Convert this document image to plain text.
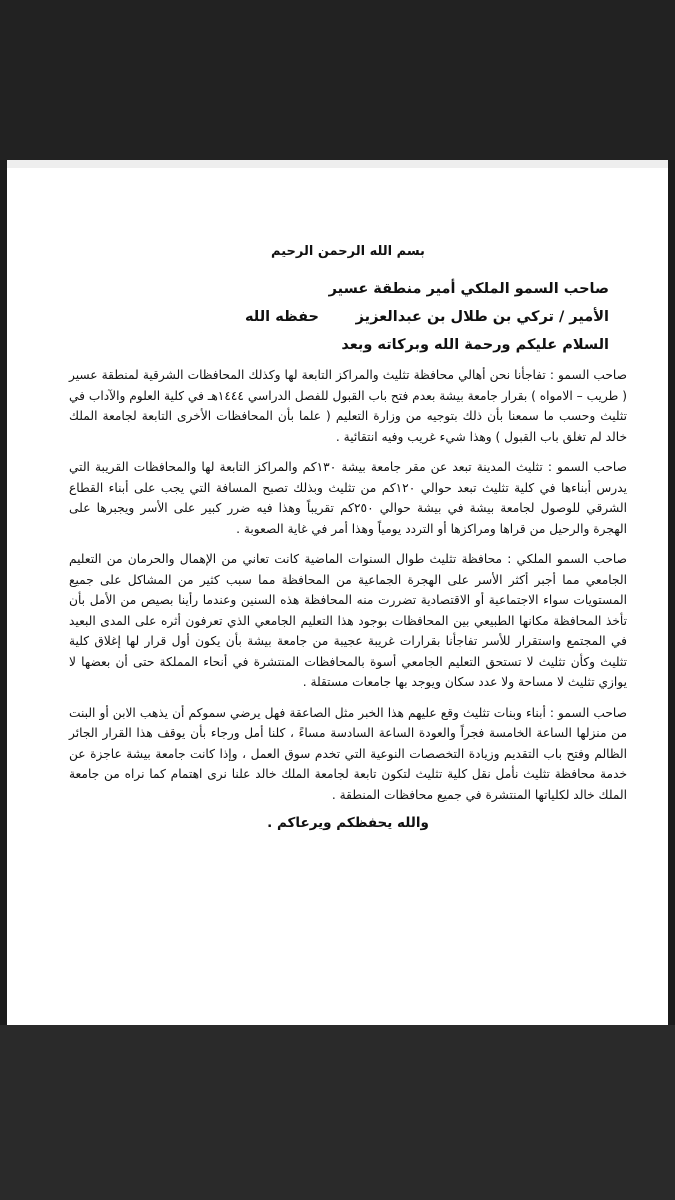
بسم الله الرحمن الرحيم
صاحب السمو الملكي أمير منطقة عسير
الأمير / تركي بن طلال بن عبدالعزيز
حفظه الله
السلام عليكم ورحمة الله وبركاته وبعد

صاحب السمو : تفاجأنا نحن أهالي محافظة تثليث والمراكز التابعة لها وكذلك المحافظات الشرقية لمنطقة عسير ( طريب – الامواه ) بقرار جامعة بيشة بعدم فتح باب القبول للفصل الدراسي ١٤٤٤هـ في كلية العلوم والآداب في تثليث وحسب ما سمعنا بأن ذلك بتوجيه من وزارة التعليم ( علما بأن المحافظات الأخرى التابعة لجامعة الملك خالد لم تغلق باب القبول ) وهذا شيء غريب وفيه انتقائية .

صاحب السمو : تثليث المدينة تبعد عن مقر جامعة بيشة ١٣٠كم والمراكز التابعة لها والمحافظات القريبة التي يدرس أبناءها في كلية تثليث تبعد حوالي ١٢٠كم من تثليث وبذلك تصبح المسافة التي يجب على أبناء القطاع الشرقي للوصول لجامعة بيشة في بيشة حوالي ٢٥٠كم تقريباً وهذا فيه ضرر كبير على الأسر ويجبرها على الهجرة والرحيل من قراها ومراكزها أو التردد يومياً وهذا أمر في غاية الصعوبة .

صاحب السمو الملكي : محافظة تثليث طوال السنوات الماضية كانت تعاني من الإهمال والحرمان من التعليم الجامعي مما أجبر أكثر الأسر على الهجرة الجماعية من المحافظة مما سبب كثير من المشاكل على جميع المستويات سواء الاجتماعية أو الاقتصادية تضررت منه المحافظة هذه السنين وعندما رأينا بصيص من الأمل بأن تأخذ المحافظة مكانها الطبيعي بين المحافظات بوجود هذا التعليم الجامعي الذي تعرفون أثره على المدى البعيد في المجتمع واستقرار للأسر تفاجأنا بقرارات غريبة عجيبة من جامعة بيشة بأن يكون أول قرار لها إغلاق كلية تثليث وكأن تثليث لا تستحق التعليم الجامعي أسوة بالمحافظات المنتشرة في أنحاء المملكة حتى أن بعضها لا يوازي تثليث لا مساحة ولا عدد سكان ويوجد بها جامعات مستقلة .

صاحب السمو : أبناء وبنات تثليث وقع عليهم هذا الخبر مثل الصاعقة فهل يرضي سموكم أن يذهب الابن أو البنت من منزلها الساعة الخامسة فجراً والعودة الساعة السادسة مساءً ، كلنا أمل ورجاء بأن يوقف هذا القرار الجائر الظالم وفتح باب التقديم وزيادة التخصصات النوعية التي تخدم سوق العمل ، وإذا كانت جامعة بيشة عاجزة عن خدمة محافظة تثليث نأمل نقل كلية تثليث لتكون تابعة لجامعة الملك خالد علنا نرى اهتمام كما نراه من جامعة الملك خالد لكلياتها المنتشرة في جميع محافظات المنطقة .

والله يحفظكم ويرعاكم .
